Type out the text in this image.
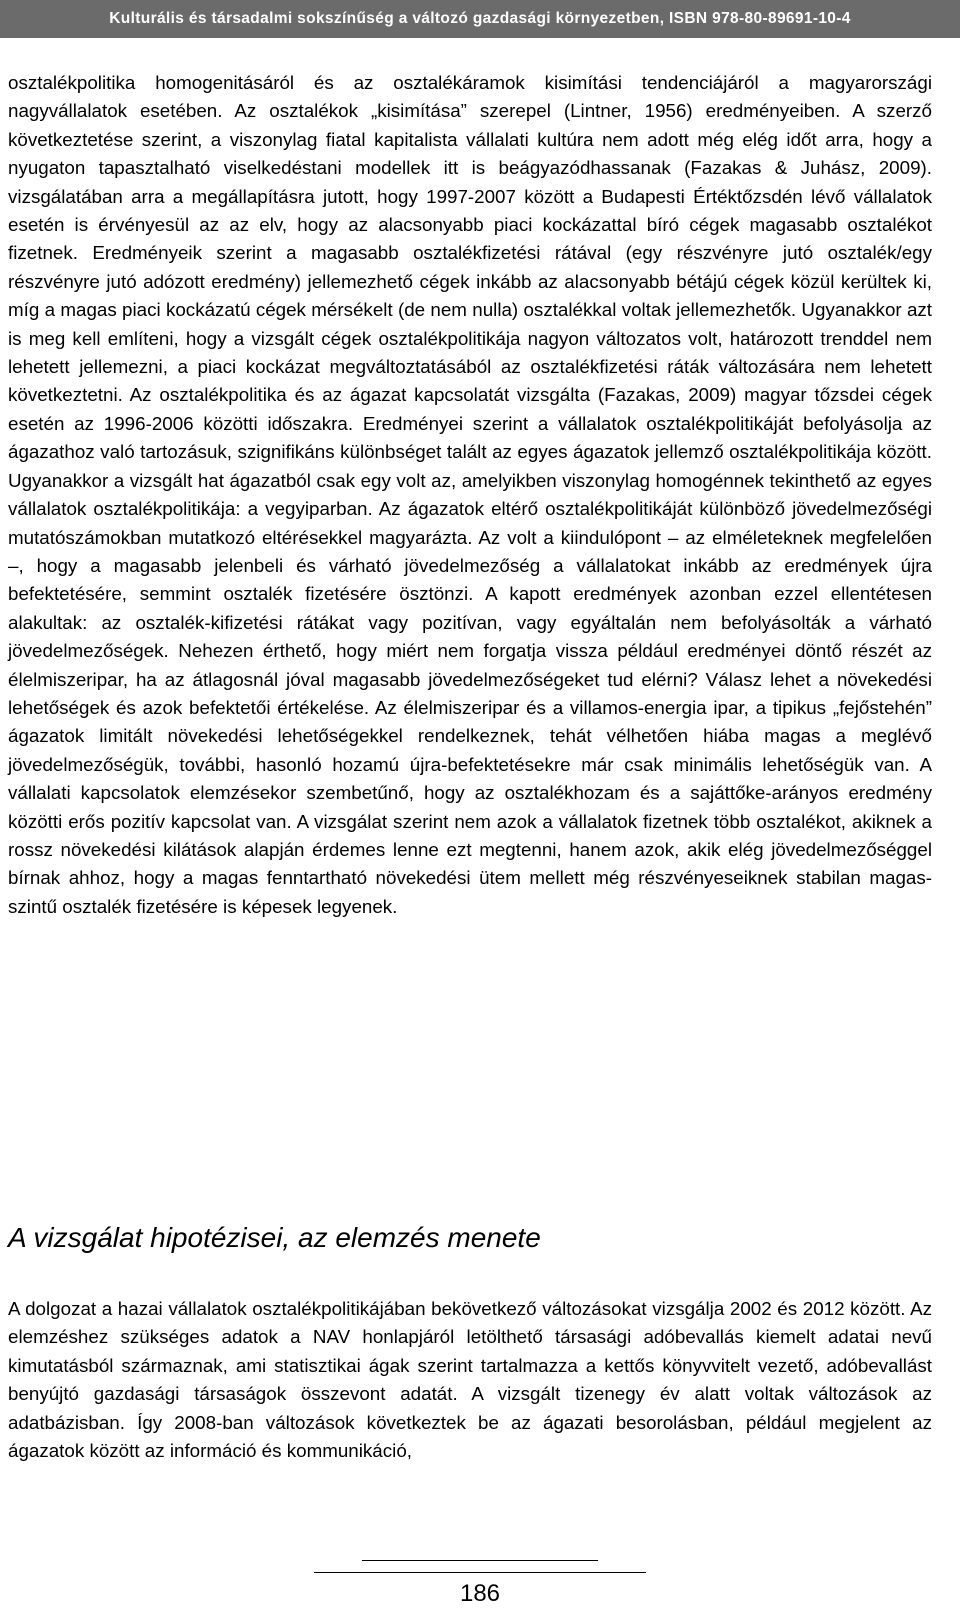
Kulturális és társadalmi sokszínűség a változó gazdasági környezetben, ISBN 978-80-89691-10-4

osztalékpolitika homogenitásáról és az osztalékáramok kisimítási tendenciájáról a magyarországi nagyvállalatok esetében. Az osztalékok „kisimítása” szerepel (Lintner, 1956) eredményeiben. A szerző következtetése szerint, a viszonylag fiatal kapitalista vállalati kultúra nem adott még elég időt arra, hogy a nyugaton tapasztalható viselkedéstani modellek itt is beágyazódhassanak (Fazakas & Juhász, 2009). vizsgálatában arra a megállapításra jutott, hogy 1997-2007 között a Budapesti Értéktőzsdén lévő vállalatok esetén is érvényesül az az elv, hogy az alacsonyabb piaci kockázattal bíró cégek magasabb osztalékot fizetnek. Eredményeik szerint a magasabb osztalékfizetési rátával (egy részvényre jutó osztalék/egy részvényre jutó adózott eredmény) jellemezhető cégek inkább az alacsonyabb bétájú cégek közül kerültek ki, míg a magas piaci kockázatú cégek mérsékelt (de nem nulla) osztalékkal voltak jellemezhetők. Ugyanakkor azt is meg kell említeni, hogy a vizsgált cégek osztalékpolitikája nagyon változatos volt, határozott trenddel nem lehetett jellemezni, a piaci kockázat megváltoztatásából az osztalékfizetési ráták változására nem lehetett következtetni. Az osztalékpolitika és az ágazat kapcsolatát vizsgálta (Fazakas, 2009) magyar tőzsdei cégek esetén az 1996-2006 közötti időszakra. Eredményei szerint a vállalatok osztalékpolitikáját befolyásolja az ágazathoz való tartozásuk, szignifikáns különbséget talált az egyes ágazatok jellemző osztalékpolitikája között. Ugyanakkor a vizsgált hat ágazatból csak egy volt az, amelyikben viszonylag homogénnek tekinthető az egyes vállalatok osztalékpolitikája: a vegyiparban. Az ágazatok eltérő osztalékpolitikáját különböző jövedelmezőségi mutatószámokban mutatkozó eltérésekkel magyarázta. Az volt a kiindulópont – az elméleteknek megfelelően –, hogy a magasabb jelenbeli és várható jövedelmezőség a vállalatokat inkább az eredmények újra befektetésére, semmint osztalék fizetésére ösztönzi. A kapott eredmények azonban ezzel ellentétesen alakultak: az osztalék-kifizetési rátákat vagy pozitívan, vagy egyáltalán nem befolyásolták a várható jövedelmezőségek. Nehezen érthető, hogy miért nem forgatja vissza például eredményei döntő részét az élelmiszeripar, ha az átlagosnál jóval magasabb jövedelmezőségeket tud elérni? Válasz lehet a növekedési lehetőségek és azok befektetői értékelése. Az élelmiszeripar és a villamos-energia ipar, a tipikus „fejőstehén” ágazatok limitált növekedési lehetőségekkel rendelkeznek, tehát vélhetően hiába magas a meglévő jövedelmezőségük, további, hasonló hozamú újra-befektetésekre már csak minimális lehetőségük van. A vállalati kapcsolatok elemzésekor szembetűnő, hogy az osztalékhozam és a sajáttőke-arányos eredmény közötti erős pozitív kapcsolat van. A vizsgálat szerint nem azok a vállalatok fizetnek több osztalékot, akiknek a rossz növekedési kilátások alapján érdemes lenne ezt megtenni, hanem azok, akik elég jövedelmezőséggel bírnak ahhoz, hogy a magas fenntartható növekedési ütem mellett még részvényeseiknek stabilan magas-szintű osztalék fizetésére is képesek legyenek.

A vizsgálat hipotézisei, az elemzés menete

A dolgozat a hazai vállalatok osztalékpolitikájában bekövetkező változásokat vizsgálja 2002 és 2012 között. Az elemzéshez szükséges adatok a NAV honlapjáról letölthető társasági adóbevallás kiemelt adatai nevű kimutatásból származnak, ami statisztikai ágak szerint tartalmazza a kettős könyvvitelt vezető, adóbevallást benyújtó gazdasági társaságok összevont adatát. A vizsgált tizenegy év alatt voltak változások az adatbázisban. Így 2008-ban változások következtek be az ágazati besorolásban, például megjelent az ágazatok között az információ és kommunikáció,

186
